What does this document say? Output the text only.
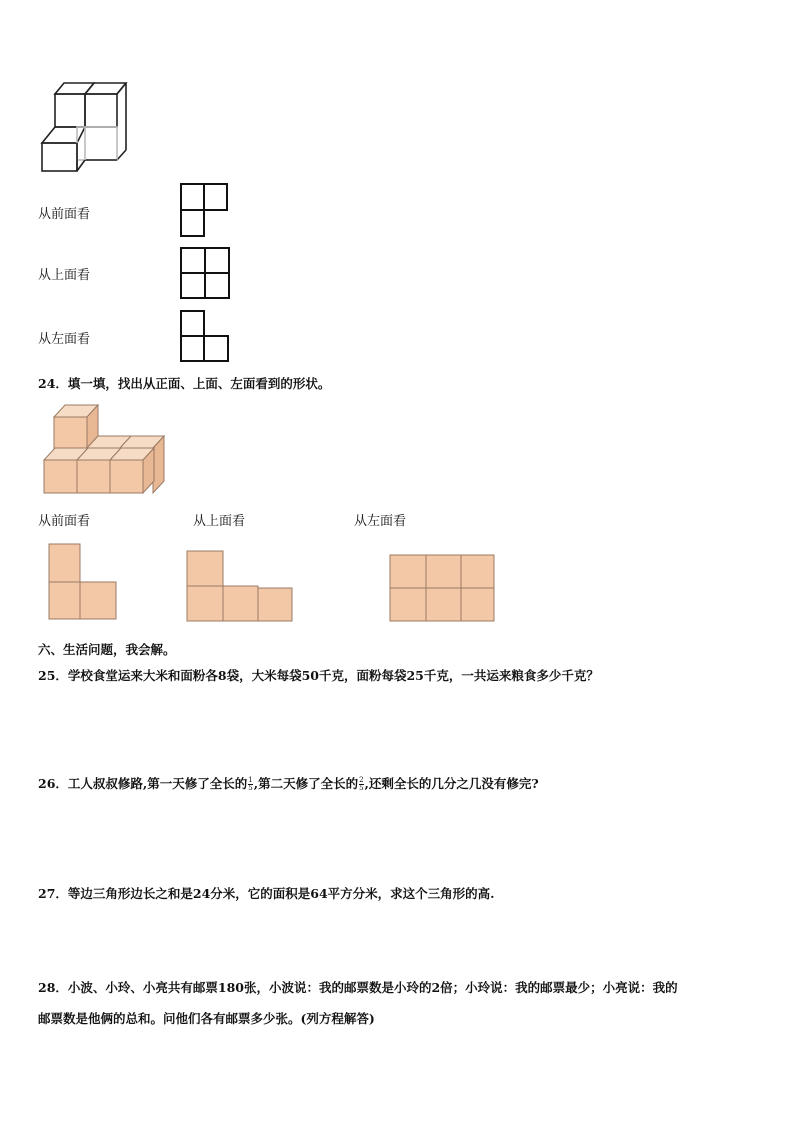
从前面看
从上面看
从左面看
24．填一填，找出从正面、上面、左面看到的形状。
从前面看	从上面看	从左面看
六、生活问题，我会解。
25．学校食堂运来大米和面粉各8袋，大米每袋50千克，面粉每袋25千克，一共运来粮食多少千克？
26．工人叔叔修路,第一天修了全长的 $\frac{1}{5}$ ,第二天修了全长的 $\frac{2}{5}$ ,还剩全长的几分之几没有修完?
27．等边三角形边长之和是24分米，它的面积是64平方分米，求这个三角形的高.
28．小波、小玲、小亮共有邮票180张，小波说：我的邮票数是小玲的2倍；小玲说：我的邮票最少；小亮说：我的
邮票数是他俩的总和。问他们各有邮票多少张。(列方程解答)
